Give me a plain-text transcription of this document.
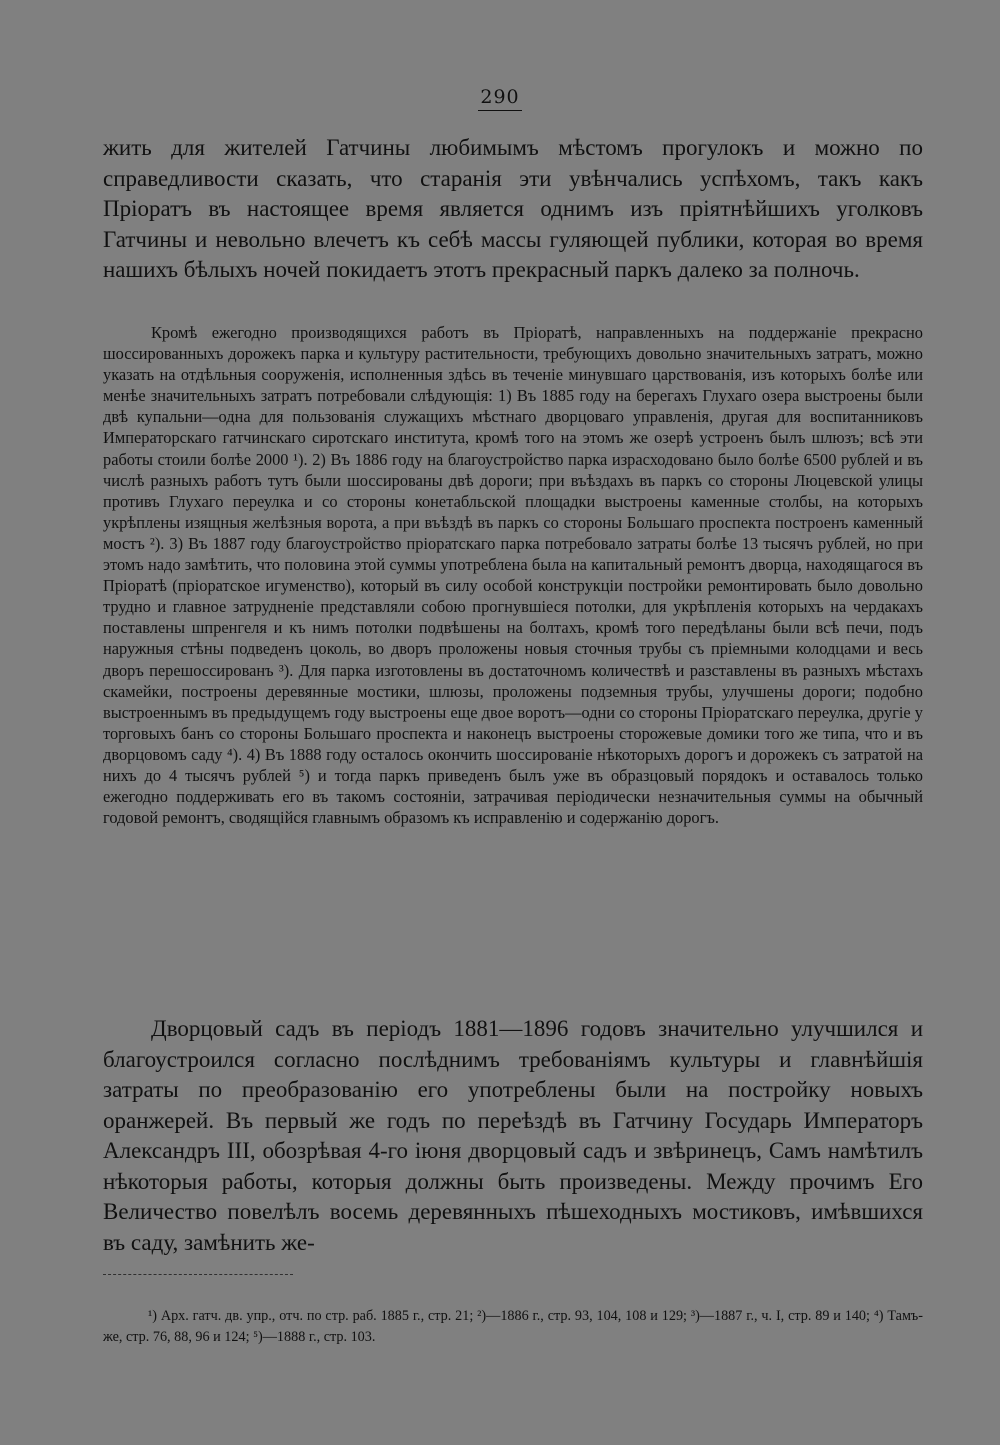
290

жить для жителей Гатчины любимымъ мѣстомъ прогулокъ и можно по справедливости сказать, что старанія эти увѣнчались успѣхомъ, такъ какъ Пріоратъ въ настоящее время является однимъ изъ пріятнѣйшихъ уголковъ Гатчины и невольно влечетъ къ себѣ массы гуляющей публики, которая во время нашихъ бѣлыхъ ночей покидаетъ этотъ прекрасный паркъ далеко за полночь.

Кромѣ ежегодно производящихся работъ въ Пріоратѣ, направленныхъ на поддержаніе прекрасно шоссированныхъ дорожекъ парка и культуру растительности, требующихъ довольно значительныхъ затратъ, можно указать на отдѣльныя сооруженія, исполненныя здѣсь въ теченіе минувшаго царствованія, изъ которыхъ болѣе или менѣе значительныхъ затратъ потребовали слѣдующія: 1) Въ 1885 году на берегахъ Глухаго озера выстроены были двѣ купальни—одна для пользованія служащихъ мѣстнаго дворцоваго управленія, другая для воспитанниковъ Императорскаго гатчинскаго сиротскаго института, кромѣ того на этомъ же озерѣ устроенъ былъ шлюзъ; всѣ эти работы стоили болѣе 2000 ¹). 2) Въ 1886 году на благоустройство парка израсходовано было болѣе 6500 рублей и въ числѣ разныхъ работъ тутъ были шоссированы двѣ дороги; при въѣздахъ въ паркъ со стороны Люцевской улицы противъ Глухаго переулка и со стороны конетабльской площадки выстроены каменные столбы, на которыхъ укрѣплены изящныя желѣзныя ворота, а при въѣздѣ въ паркъ со стороны Большаго проспекта построенъ каменный мостъ ²). 3) Въ 1887 году благоустройство пріоратскаго парка потребовало затраты болѣе 13 тысячъ рублей, но при этомъ надо замѣтить, что половина этой суммы употреблена была на капитальный ремонтъ дворца, находящагося въ Пріоратѣ (пріоратское игуменство), который въ силу особой конструкціи постройки ремонтировать было довольно трудно и главное затрудненіе представляли собою прогнувшіеся потолки, для укрѣпленія которыхъ на чердакахъ поставлены шпренгеля и къ нимъ потолки подвѣшены на болтахъ, кромѣ того передѣланы были всѣ печи, подъ наружныя стѣны подведенъ цоколь, во дворъ проложены новыя сточныя трубы съ пріемными колодцами и весь дворъ перешоссированъ ³). Для парка изготовлены въ достаточномъ количествѣ и разставлены въ разныхъ мѣстахъ скамейки, построены деревянные мостики, шлюзы, проложены подземныя трубы, улучшены дороги; подобно выстроеннымъ въ предыдущемъ году выстроены еще двое воротъ—одни со стороны Пріоратскаго переулка, другіе у торговыхъ банъ со стороны Большаго проспекта и наконецъ выстроены сторожевые домики того же типа, что и въ дворцовомъ саду ⁴). 4) Въ 1888 году осталось окончить шоссированіе нѣкоторыхъ дорогъ и дорожекъ съ затратой на нихъ до 4 тысячъ рублей ⁵) и тогда паркъ приведенъ былъ уже въ образцовый порядокъ и оставалось только ежегодно поддерживать его въ такомъ состояніи, затрачивая періодически незначительныя суммы на обычный годовой ремонтъ, сводящійся главнымъ образомъ къ исправленію и содержанію дорогъ.

Дворцовый садъ въ періодъ 1881—1896 годовъ значительно улучшился и благоустроился согласно послѣднимъ требованіямъ культуры и главнѣйшія затраты по преобразованію его употреблены были на постройку новыхъ оранжерей. Въ первый же годъ по переѣздѣ въ Гатчину Государь Императоръ Александръ III, обозрѣвая 4-го іюня дворцовый садъ и звѣринецъ, Самъ намѣтилъ нѣкоторыя работы, которыя должны быть произведены. Между прочимъ Его Величество повелѣлъ восемь деревянныхъ пѣшеходныхъ мостиковъ, имѣвшихся въ саду, замѣнить же-

¹) Арх. гатч. дв. упр., отч. по стр. раб. 1885 г., стр. 21; ²)—1886 г., стр. 93, 104, 108 и 129; ³)—1887 г., ч. I, стр. 89 и 140; ⁴) Тамъ-же, стр. 76, 88, 96 и 124; ⁵)—1888 г., стр. 103.
